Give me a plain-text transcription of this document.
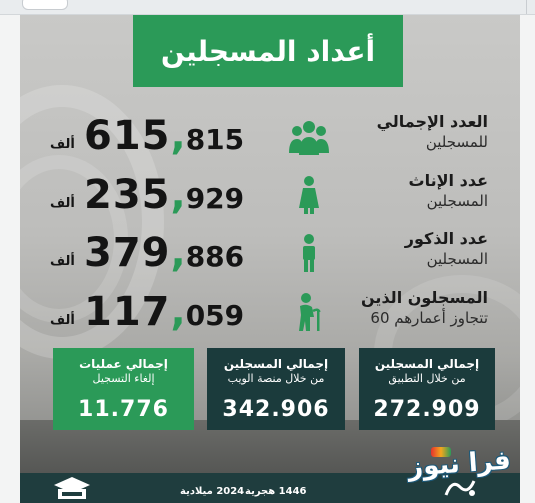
أعداد المسجلين
ألف 615,815
العدد الإجمالي
للمسجلين
ألف 235,929
عدد الإناث
المسجلين
ألف 379,886
عدد الذكور
المسجلين
ألف 117,059
المسجلون الذين
تتجاوز أعمارهم 60
إجمالي عمليات
إلغاء التسجيل
11.776
إجمالي المسجلين
من خلال منصة الويب
342.906
إجمالي المسجلين
من خلال التطبيق
272.909
1446 هجرية
2024 ميلادية
فرا نيوز
